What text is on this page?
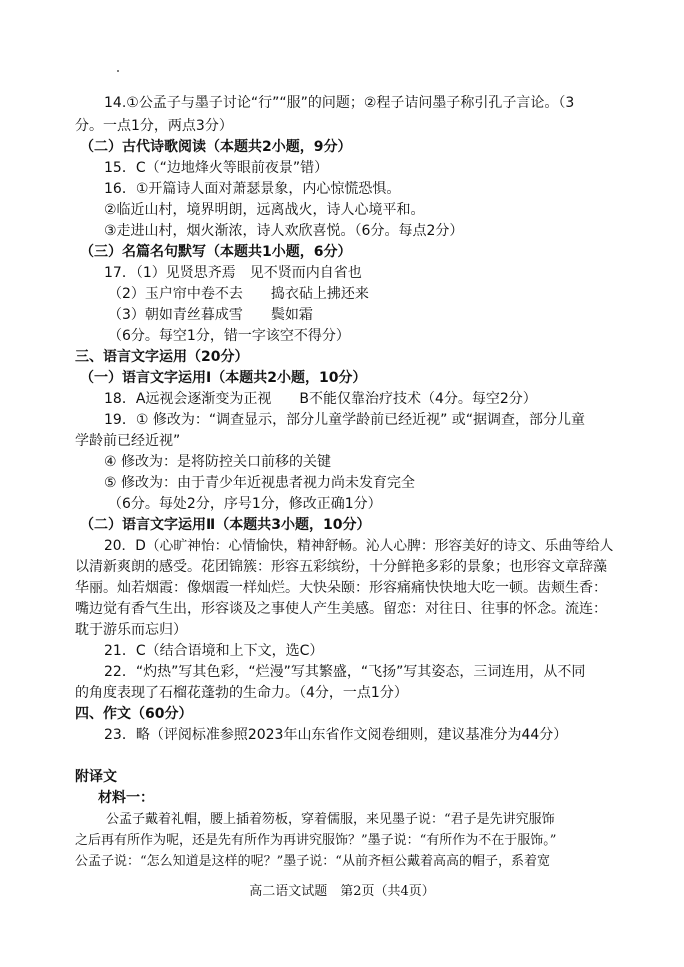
14.①公孟子与墨子讨论“行”“服”的问题；②程子诘问墨子称引孔子言论。（3
分。一点1分，两点3分）
（二）古代诗歌阅读（本题共2小题，9分）
15．C（“边地烽火等眼前夜景”错）
16．①开篇诗人面对萧瑟景象，内心惊慌恐惧。
②临近山村，境界明朗，远离战火，诗人心境平和。
③走进山村，烟火渐浓，诗人欢欣喜悦。（6分。每点2分）
（三）名篇名句默写（本题共1小题，6分）
17．（1）见贤思齐焉　见不贤而内自省也
（2）玉户帘中卷不去　　捣衣砧上拂还来
（3）朝如青丝暮成雪　　鬓如霜
（6分。每空1分，错一字该空不得分）
三、语言文字运用（20分）
（一）语言文字运用Ⅰ（本题共2小题，10分）
18．A远视会逐渐变为正视　　B不能仅靠治疗技术（4分。每空2分）
19．① 修改为：“调查显示，部分儿童学龄前已经近视” 或“据调查，部分儿童
学龄前已经近视”
④ 修改为：是将防控关口前移的关键
⑤ 修改为：由于青少年近视患者视力尚未发育完全
（6分。每处2分，序号1分，修改正确1分）
（二）语言文字运用Ⅱ（本题共3小题，10分）
20．D（心旷神怡：心情愉快，精神舒畅。沁人心脾：形容美好的诗文、乐曲等给人
以清新爽朗的感受。花团锦簇：形容五彩缤纷，十分鲜艳多彩的景象；也形容文章辞藻
华丽。灿若烟霞：像烟霞一样灿烂。大快朵颐：形容痛痛快快地大吃一顿。齿颊生香：
嘴边觉有香气生出，形容谈及之事使人产生美感。留恋：对往日、往事的怀念。流连：
耽于游乐而忘归）
21．C（结合语境和上下文，选C）
22．“灼热”写其色彩，“烂漫”写其繁盛，“飞扬”写其姿态，三词连用，从不同
的角度表现了石榴花蓬勃的生命力。（4分，一点1分）
四、作文（60分）
23．略（评阅标准参照2023年山东省作文阅卷细则，建议基准分为44分）
附译文
材料一：
公孟子戴着礼帽，腰上插着笏板，穿着儒服，来见墨子说：“君子是先讲究服饰
之后再有所作为呢，还是先有所作为再讲究服饰？”墨子说：“有所作为不在于服饰。”
公孟子说：“怎么知道是这样的呢？”墨子说：“从前齐桓公戴着高高的帽子，系着宽
高二语文试题　第2页（共4页）
